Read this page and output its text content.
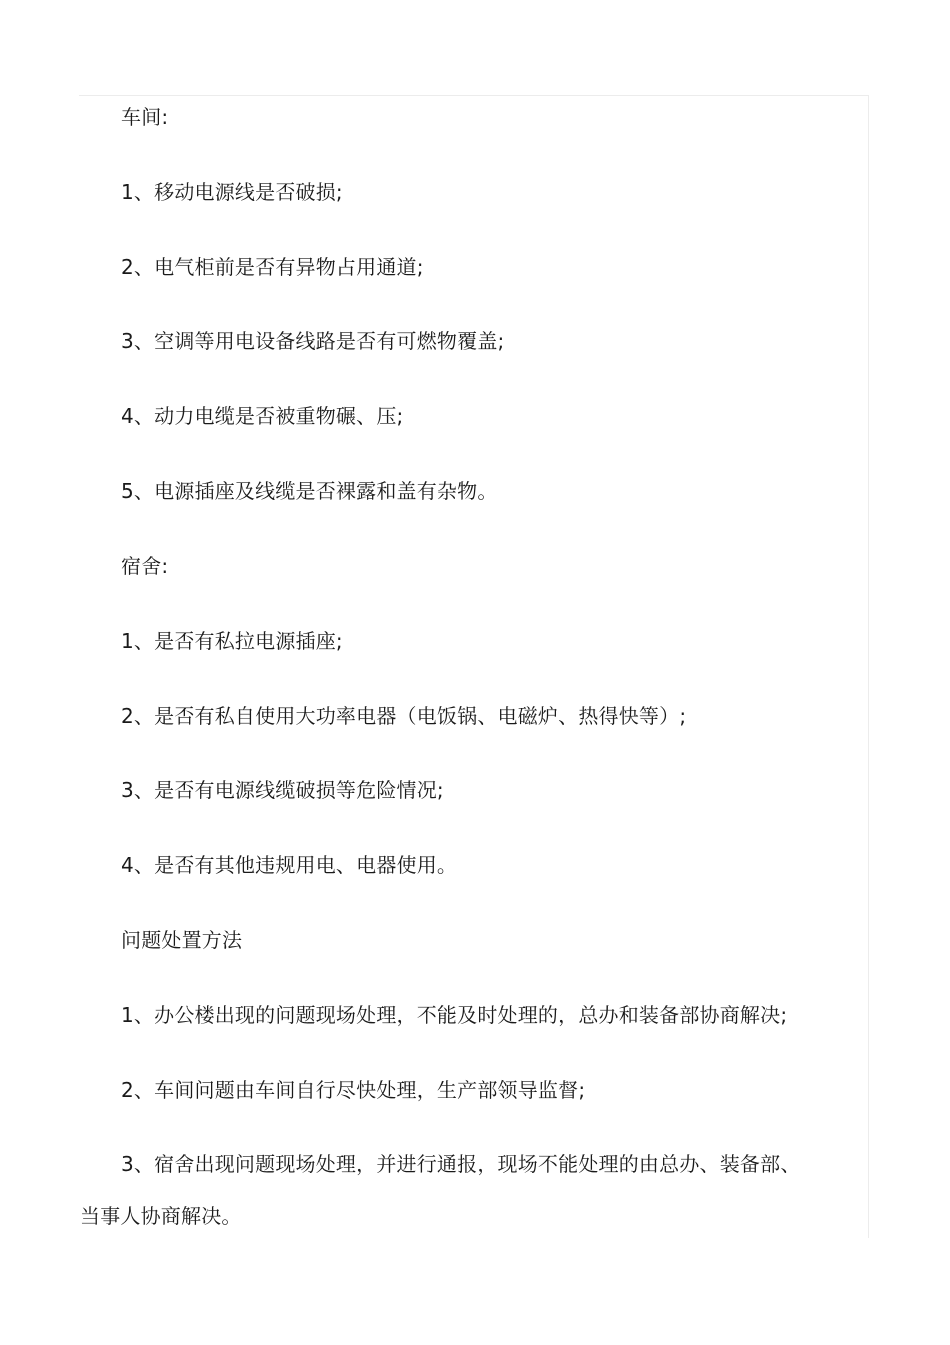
车间:
1、移动电源线是否破损;
2、电气柜前是否有异物占用通道;
3、空调等用电设备线路是否有可燃物覆盖;
4、动力电缆是否被重物碾、压;
5、电源插座及线缆是否裸露和盖有杂物。
宿舍:
1、是否有私拉电源插座;
2、是否有私自使用大功率电器（电饭锅、电磁炉、热得快等）;
3、是否有电源线缆破损等危险情况;
4、是否有其他违规用电、电器使用。
问题处置方法
1、办公楼出现的问题现场处理，不能及时处理的，总办和装备部协商解决;
2、车间问题由车间自行尽快处理，生产部领导监督;
3、宿舍出现问题现场处理，并进行通报，现场不能处理的由总办、装备部、
当事人协商解决。
